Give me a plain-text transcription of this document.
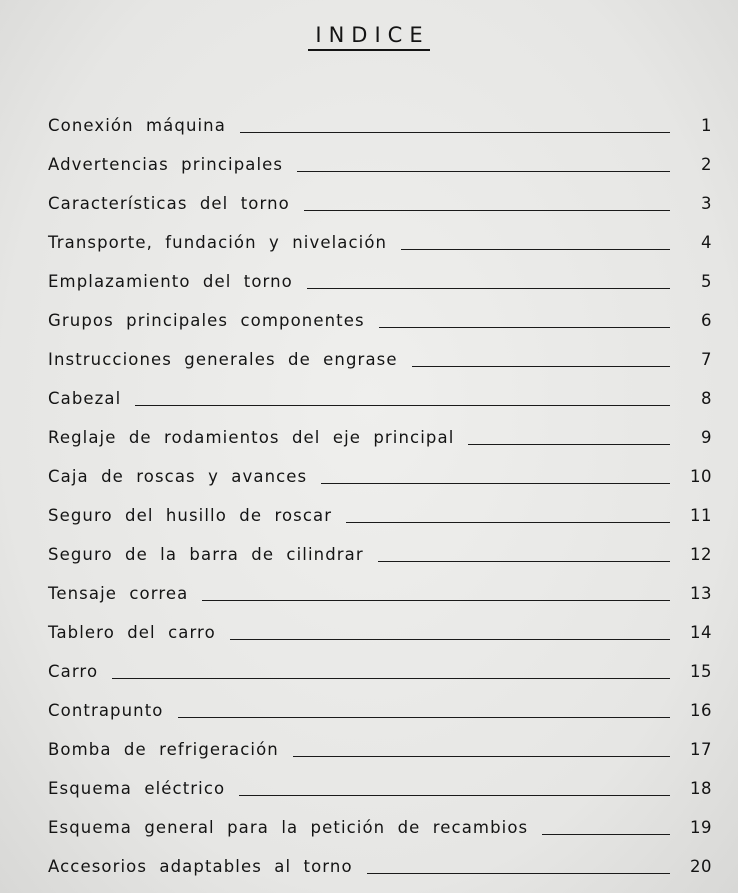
INDICE
Conexión máquina	1
Advertencias principales	2
Características del torno	3
Transporte, fundación y nivelación	4
Emplazamiento del torno	5
Grupos principales componentes	6
Instrucciones generales de engrase	7
Cabezal	8
Reglaje de rodamientos del eje principal	9
Caja de roscas y avances	10
Seguro del husillo de roscar	11
Seguro de la barra de cilindrar	12
Tensaje correa	13
Tablero del carro	14
Carro	15
Contrapunto	16
Bomba de refrigeración	17
Esquema eléctrico	18
Esquema general para la petición de recambios	19
Accesorios adaptables al torno	20
